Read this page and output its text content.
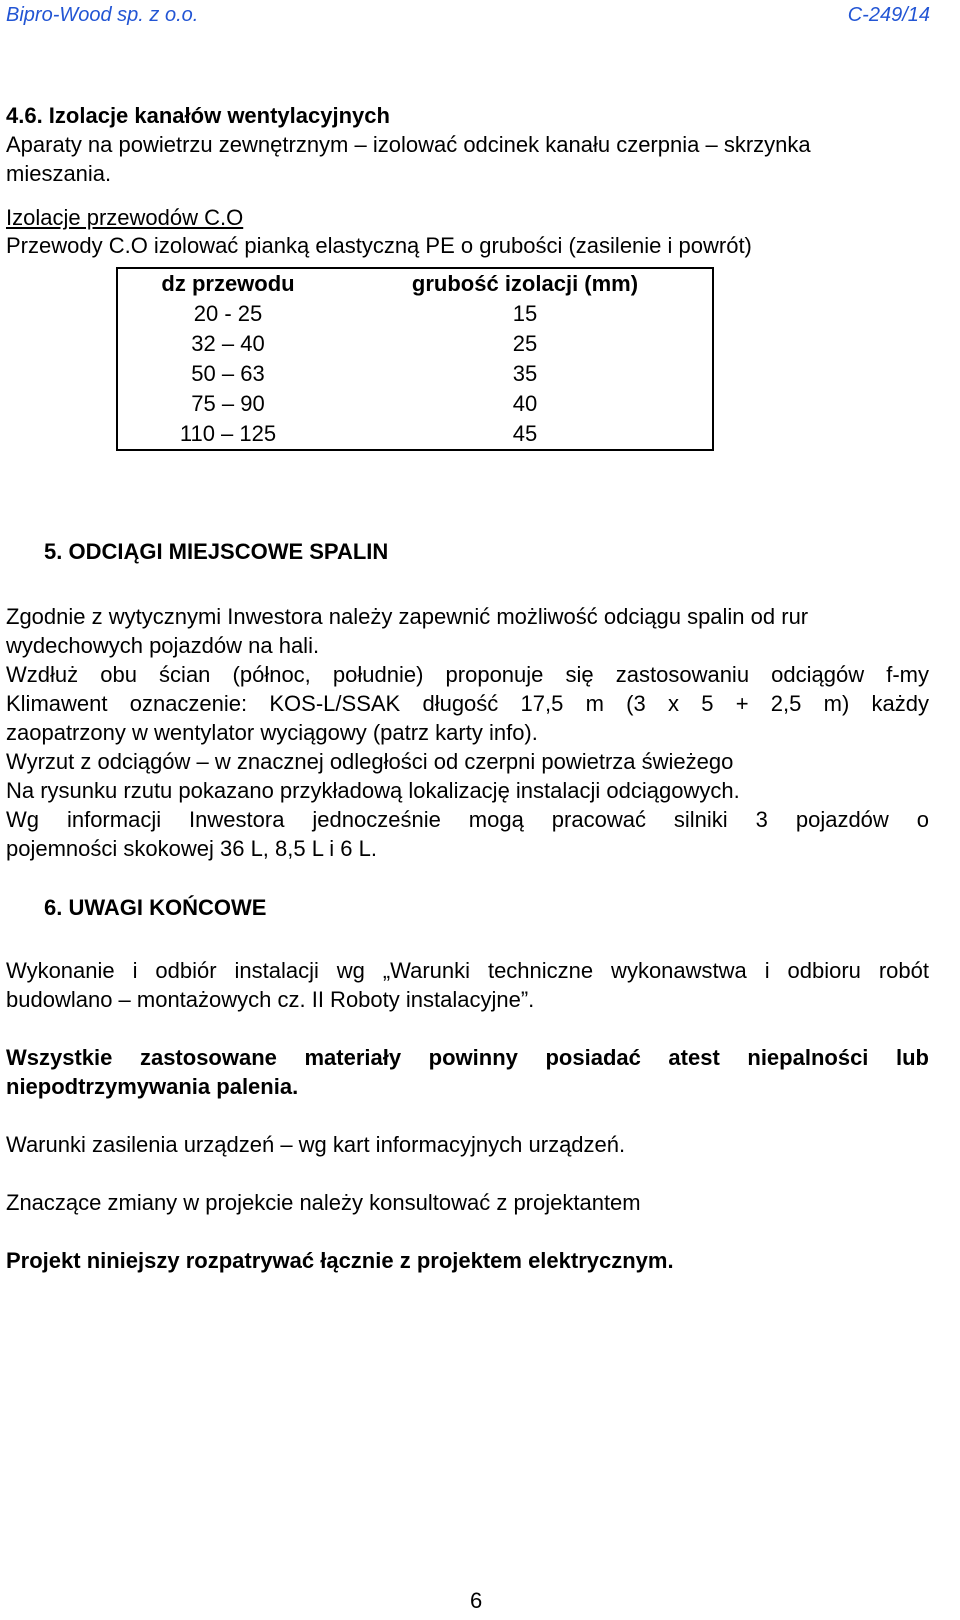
Bipro-Wood sp. z o.o.	C-249/14
4.6. Izolacje kanałów wentylacyjnych
Aparaty na powietrzu zewnętrznym – izolować odcinek kanału czerpnia – skrzynka
mieszania.
Izolacje przewodów C.O
Przewody C.O izolować pianką elastyczną PE o grubości (zasilenie i powrót)
dz przewodu	grubość izolacji (mm)
20 - 25	15
32 – 40	25
50 – 63	35
75 – 90	40
110 – 125	45
5. ODCIĄGI MIEJSCOWE SPALIN
Zgodnie z wytycznymi Inwestora należy zapewnić możliwość odciągu spalin od rur
wydechowych pojazdów na hali.
Wzdłuż obu ścian (północ, południe) proponuje się zastosowaniu odciągów f-my
Klimawent oznaczenie: KOS-L/SSAK długość 17,5 m (3 x 5 + 2,5 m) każdy
zaopatrzony w wentylator wyciągowy (patrz karty info).
Wyrzut z odciągów – w znacznej odległości od czerpni powietrza świeżego
Na rysunku rzutu pokazano przykładową lokalizację instalacji odciągowych.
Wg informacji Inwestora jednocześnie mogą pracować silniki 3 pojazdów o
pojemności skokowej 36 L, 8,5 L i 6 L.
6. UWAGI KOŃCOWE
Wykonanie i odbiór instalacji wg „Warunki techniczne wykonawstwa i odbioru robót
budowlano – montażowych cz. II Roboty instalacyjne”.
Wszystkie zastosowane materiały powinny posiadać atest niepalności lub
niepodtrzymywania palenia.
Warunki zasilenia urządzeń – wg kart informacyjnych urządzeń.
Znaczące zmiany w projekcie należy konsultować z projektantem
Projekt niniejszy rozpatrywać łącznie z projektem elektrycznym.
6
